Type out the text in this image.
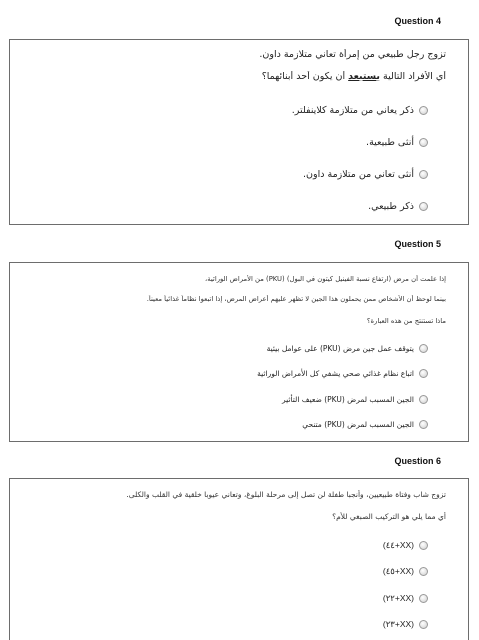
Question 4
تزوج رجل طبيعي من إمرأة تعاني متلازمة داون.
أي الأفراد التالية يستبعد أن يكون أحد أبنائهما؟
ذكر يعاني من متلازمة كلاينفلتر.
أنثى طبيعية.
أنثى تعاني من متلازمة داون.
ذكر طبيعي.
Question 5
إذا علمت أن مرض (ارتفاع نسبة الفينيل كيتون في البول) (PKU) من الأمراض الوراثية،
بينما لوحظ أن الأشخاص ممن يحملون هذا الجين لا تظهر عليهم أعراض المرض، إذا اتبعوا نظاماً غذائياً معيناً.
ماذا تستنتج من هذه العبارة؟
يتوقف عمل جين مرض (PKU) على عوامل بيئية
اتباع نظام غذائي صحي يشفي كل الأمراض الوراثية
الجين المسبب لمرض (PKU) ضعيف التأثير
الجين المسبب لمرض (PKU) متنحي
Question 6
تزوج شاب وفتاة طبيعيين، وأنجبا طفلة لن تصل إلى مرحلة البلوغ، وتعاني عيوبا خلقية في القلب والكلى.
أي مما يلي هو التركيب الصبغي للأم؟
(XX+٤٤)
(XX+٤٥)
(XX+٢٢)
(XX+٢٣)
